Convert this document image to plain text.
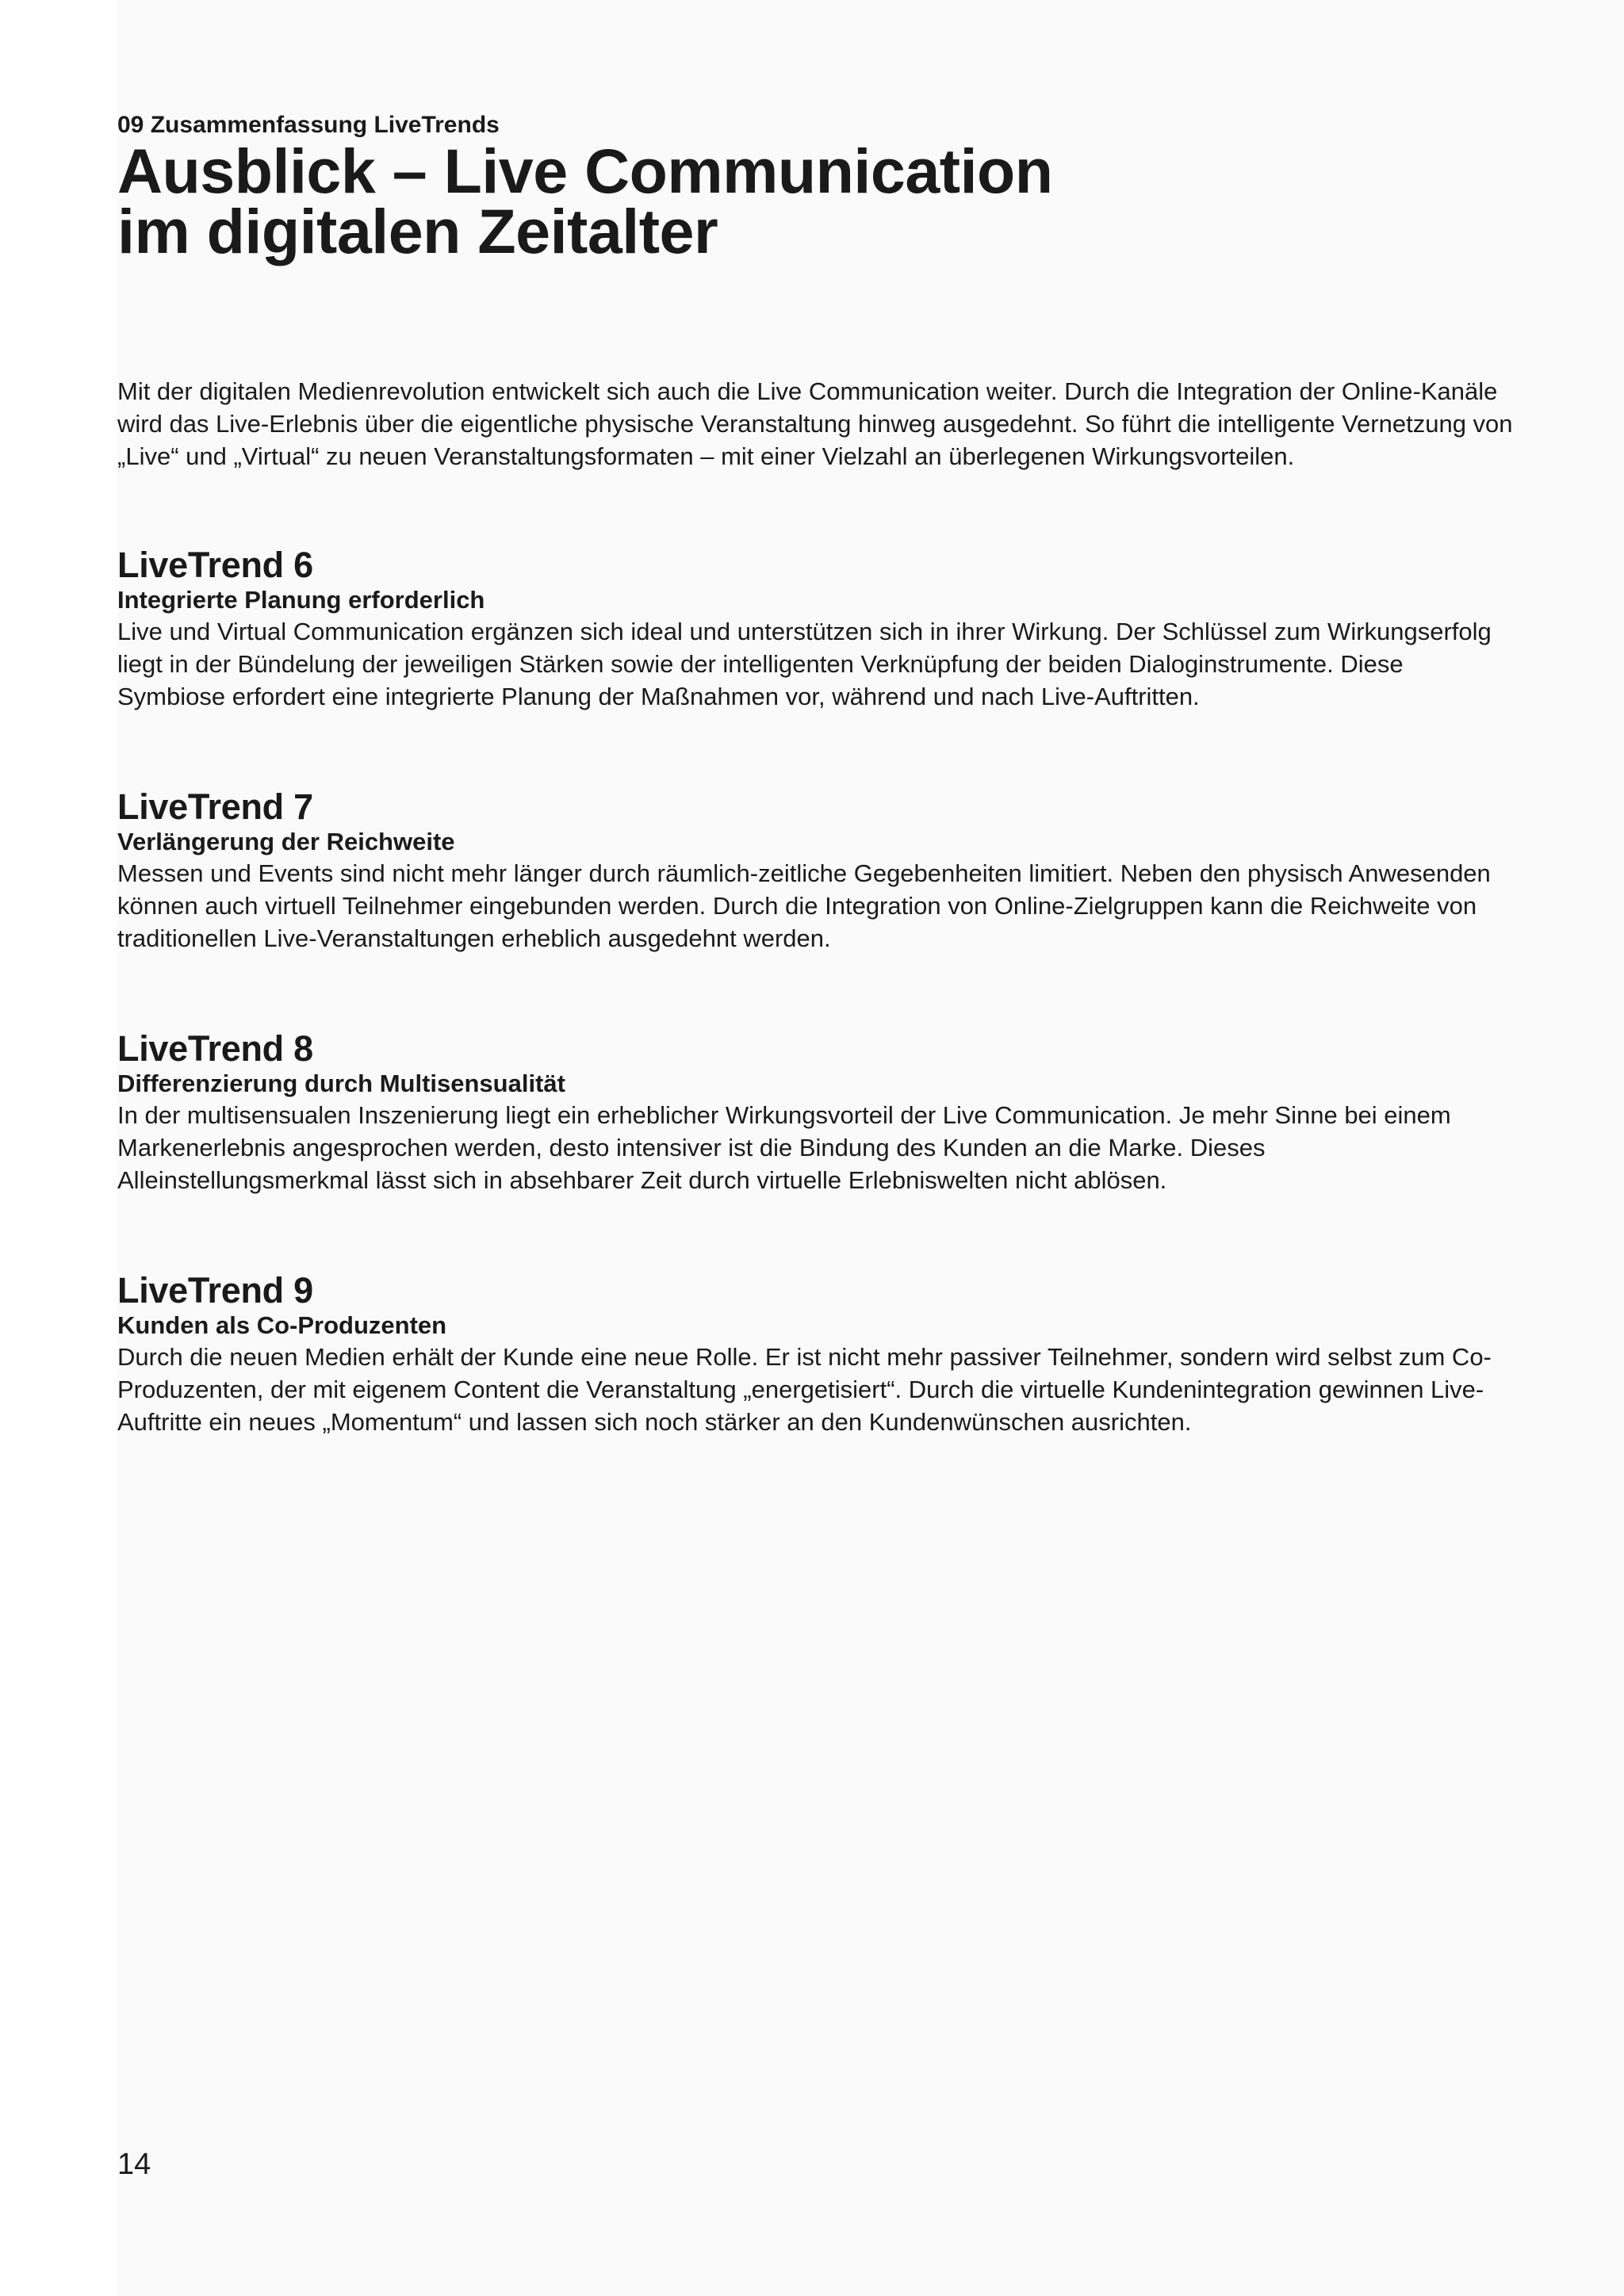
09 Zusammenfassung LiveTrends

Ausblick – Live Communication
im digitalen Zeitalter

Mit der digitalen Medienrevolution entwickelt sich auch die Live Communication weiter. Durch die Integration der Online-Kanäle wird das Live-Erlebnis über die eigentliche physische Veranstaltung hinweg ausgedehnt. So führt die intelligente Vernetzung von „Live“ und „Virtual“ zu neuen Veranstaltungsformaten – mit einer Vielzahl an überlegenen Wirkungsvorteilen.

LiveTrend 6
Integrierte Planung erforderlich

Live und Virtual Communication ergänzen sich ideal und unterstützen sich in ihrer Wirkung. Der Schlüssel zum Wirkungserfolg liegt in der Bündelung der jeweiligen Stärken sowie der intelligenten Verknüpfung der beiden Dialoginstrumente. Diese Symbiose erfordert eine integrierte Planung der Maßnahmen vor, während und nach Live-Auftritten.

LiveTrend 7
Verlängerung der Reichweite

Messen und Events sind nicht mehr länger durch räumlich-zeitliche Gegebenheiten limitiert. Neben den physisch Anwesenden können auch virtuell Teilnehmer eingebunden werden. Durch die Integration von Online-Zielgruppen kann die Reichweite von traditionellen Live-Veranstaltungen erheblich ausgedehnt werden.

LiveTrend 8
Differenzierung durch Multisensualität

In der multisensualen Inszenierung liegt ein erheblicher Wirkungsvorteil der Live Communication. Je mehr Sinne bei einem Markenerlebnis angesprochen werden, desto intensiver ist die Bindung des Kunden an die Marke. Dieses Alleinstellungsmerkmal lässt sich in absehbarer Zeit durch virtuelle Erlebniswelten nicht ablösen.

LiveTrend 9
Kunden als Co-Produzenten

Durch die neuen Medien erhält der Kunde eine neue Rolle. Er ist nicht mehr passiver Teilnehmer, sondern wird selbst zum Co-Produzenten, der mit eigenem Content die Veranstaltung „energetisiert“. Durch die virtuelle Kundenintegration gewinnen Live-Auftritte ein neues „Momentum“ und lassen sich noch stärker an den Kundenwünschen ausrichten.

14
